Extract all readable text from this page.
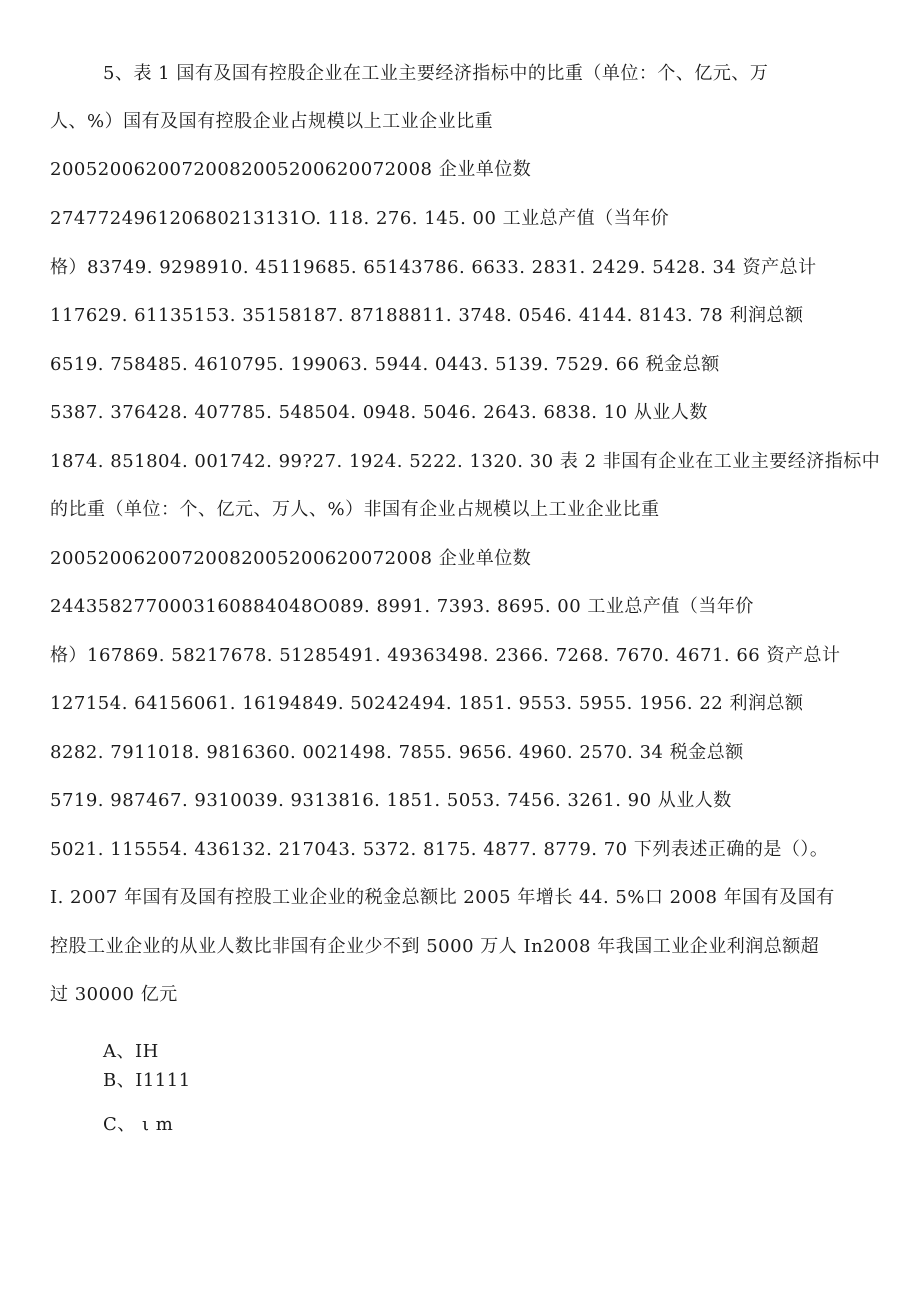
5、表 1 国有及国有控股企业在工业主要经济指标中的比重（单位：个、亿元、万
人、%）国有及国有控股企业占规模以上工业企业比重
20052006200720082005200620072008 企业单位数
274772496120680213131O. 118. 276. 145. 00 工业总产值（当年价
格）83749. 9298910. 45119685. 65143786. 6633. 2831. 2429. 5428. 34 资产总计
117629. 61135153. 35158187. 87188811. 3748. 0546. 4144. 8143. 78 利润总额
6519. 758485. 4610795. 199063. 5944. 0443. 5139. 7529. 66 税金总额
5387. 376428. 407785. 548504. 0948. 5046. 2643. 6838. 10 从业人数
1874. 851804. 001742. 99?27. 1924. 5222. 1320. 30 表 2 非国有企业在工业主要经济指标中
的比重（单位：个、亿元、万人、%）非国有企业占规模以上工业企业比重
20052006200720082005200620072008 企业单位数
2443582770003160884048O089. 8991. 7393. 8695. 00 工业总产值（当年价
格）167869. 58217678. 51285491. 49363498. 2366. 7268. 7670. 4671. 66 资产总计
127154. 64156061. 16194849. 50242494. 1851. 9553. 5955. 1956. 22 利润总额
8282. 7911018. 9816360. 0021498. 7855. 9656. 4960. 2570. 34 税金总额
5719. 987467. 9310039. 9313816. 1851. 5053. 7456. 3261. 90 从业人数
5021. 115554. 436132. 217043. 5372. 8175. 4877. 8779. 70 下列表述正确的是（）。
I. 2007 年国有及国有控股工业企业的税金总额比 2005 年增长 44. 5%口 2008 年国有及国有
控股工业企业的从业人数比非国有企业少不到 5000 万人 In2008 年我国工业企业利润总额超
过 30000 亿元
A、IH
B、I1111
C、 ι m
